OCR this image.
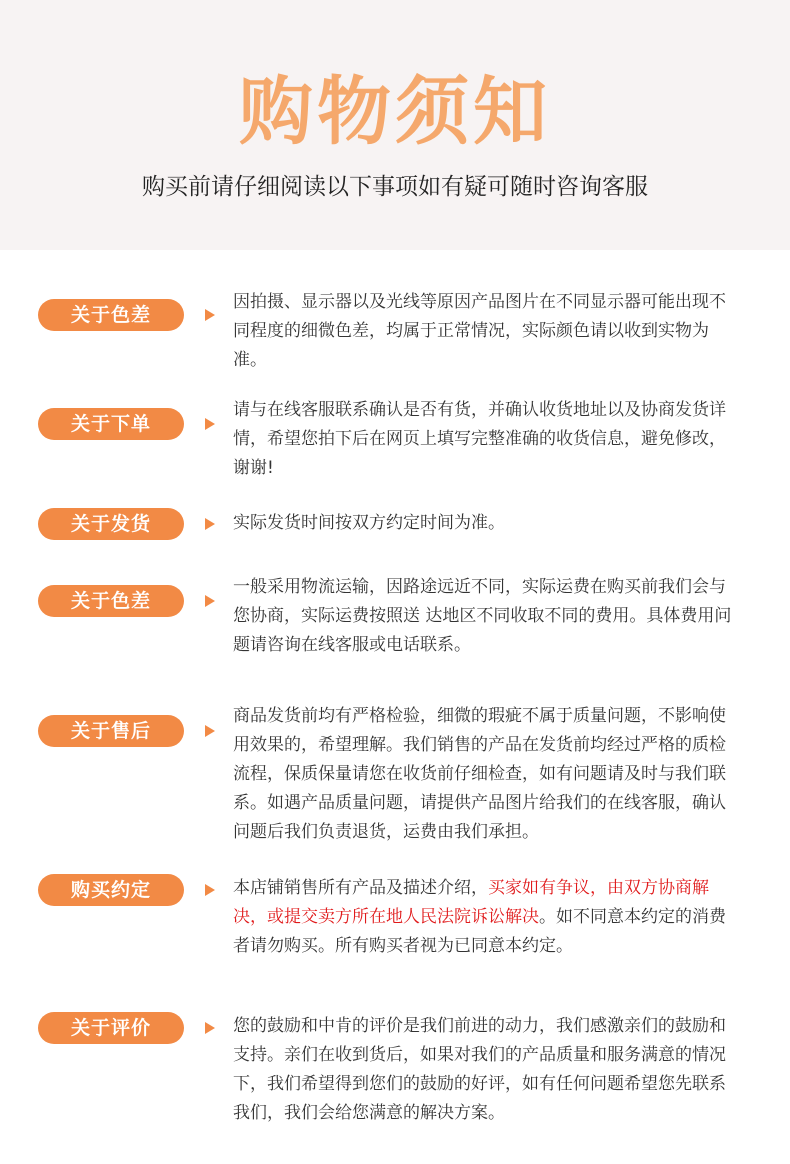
购物须知
购买前请仔细阅读以下事项如有疑可随时咨询客服
关于色差
因拍摄、显示器以及光线等原因产品图片在不同显示器可能出现不同程度的细微色差，均属于正常情况，实际颜色请以收到实物为准。
关于下单
请与在线客服联系确认是否有货，并确认收货地址以及协商发货详情，希望您拍下后在网页上填写完整准确的收货信息，避免修改，谢谢!
关于发货	实际发货时间按双方约定时间为准。
关于色差
一般采用物流运输，因路途远近不同，实际运费在购买前我们会与您协商，实际运费按照送 达地区不同收取不同的费用。具体费用问题请咨询在线客服或电话联系。
关于售后
商品发货前均有严格检验，细微的瑕疵不属于质量问题，不影响使用效果的，希望理解。我们销售的产品在发货前均经过严格的质检流程，保质保量请您在收货前仔细检查，如有问题请及时与我们联系。如遇产品质量问题，请提供产品图片给我们的在线客服，确认问题后我们负责退货，运费由我们承担。
购买约定	本店铺销售所有产品及描述介绍，买家如有争议，由双方协商解决，或提交卖方所在地人民法院诉讼解决。如不同意本约定的消费者请勿购买。所有购买者视为已同意本约定。
关于评价	您的鼓励和中肯的评价是我们前进的动力，我们感激亲们的鼓励和支持。亲们在收到货后，如果对我们的产品质量和服务满意的情况下，我们希望得到您们的鼓励的好评，如有任何问题希望您先联系我们，我们会给您满意的解决方案。
